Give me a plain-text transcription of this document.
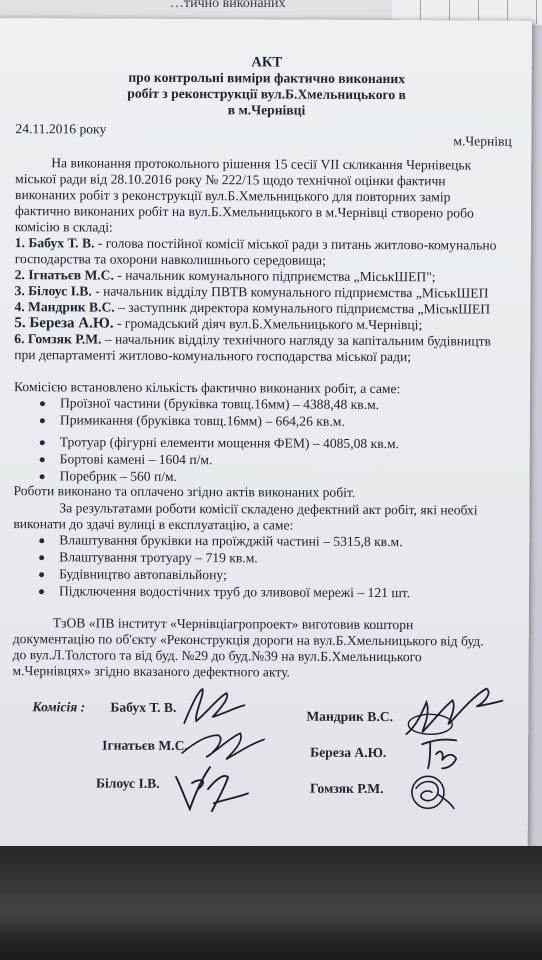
…тично виконаних
АКТ
про контрольні виміри фактично виконаних
робіт з реконструкції вул.Б.Хмельницького в
в м.Чернівці
24.11.2016 року
м.Чернівц
На виконання протокольного рішення 15 сесії VII скликання Чернівецьк
міської ради від 28.10.2016 року № 222/15 щодо технічної оцінки фактичн
виконаних робіт з реконструкції вул.Б.Хмельницького для повторних замір
фактично виконаних робіт на вул.Б.Хмельницького в м.Чернівці створено робо
комісію в складі:
1. Бабух Т. В. - голова постійної комісії міської ради з питань житлово-комунально
господарства та охорони навколишнього середовища;
2. Ігнатьєв М.С. - начальник комунального підприємства „МіськШЕП";
3. Білоус І.В. - начальник відділу ПВТВ комунального підприємства „МіськШЕП
4. Мандрик В.С. – заступник директора комунального підприємства „МіськШЕП
5. Береза А.Ю. - громадський діяч вул.Б.Хмельницького м.Чернівці;
6. Гомзяк Р.М. – начальник відділу технічного нагляду за капітальним будівництв
при департаменті житлово-комунального господарства міської ради;
Комісією встановлено кількість фактично виконаних робіт, а саме:
Проїзної частини (бруківка товщ.16мм) – 4388,48 кв.м.
Примикання (бруківка товщ.16мм) – 664,26 кв.м.
Тротуар (фігурні елементи мощення ФЕМ) – 4085,08 кв.м.
Бортові камені – 1604 п/м.
Поребрик – 560 п/м.
Роботи виконано та оплачено згідно актів виконаних робіт.
За результатами роботи комісії складено дефектний акт робіт, які необхі
виконати до здачі вулиці в експлуатацію, а саме:
Влаштування бруківки на проїжджій частині – 5315,8 кв.м.
Влаштування тротуару – 719 кв.м.
Будівництво автопавільйону;
Підключення водостічних труб до зливової мережі – 121 шт.
ТзОВ «ПВ інститут «Чернівціагропроект» виготовив кошторн
документацію по об'єкту «Реконструкція дороги на вул.Б.Хмельницького від буд.
до вул.Л.Толстого та від буд. №29 до буд.№39 на вул.Б.Хмельницького
м.Чернівцях» згідно вказаного дефектного акту.
Комісія : Бабух Т. В.
Мандрик В.С.
Ігнатьєв М.С.	Береза А.Ю.
Білоус І.В.	Гомзяк Р.М.
